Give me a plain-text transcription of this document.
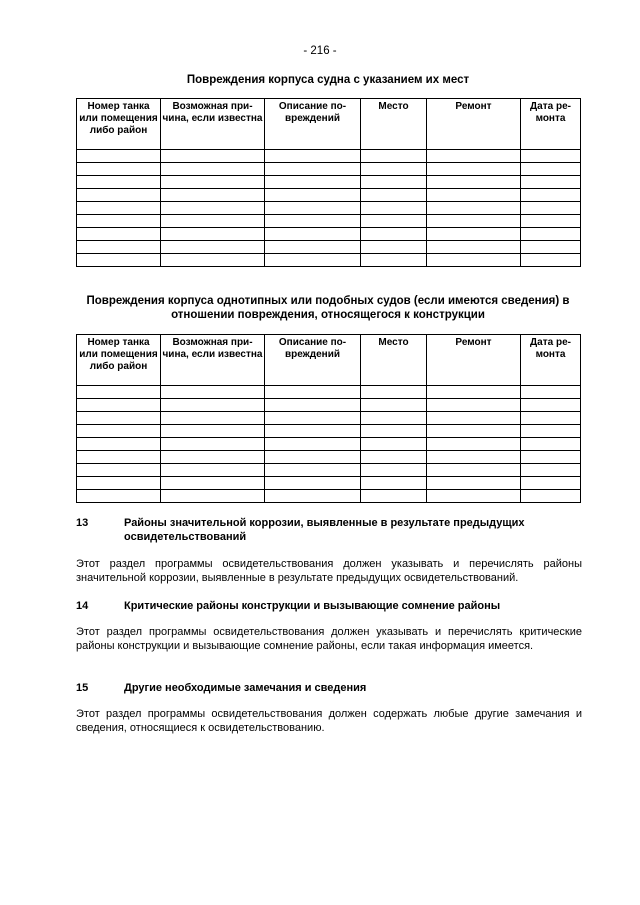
- 216 -
Повреждения корпуса судна с указанием их мест
Номер танка или помещения либо район	Возможная причина, если известна	Описание повреждений	Место	Ремонт	Дата ремонта

Повреждения корпуса однотипных или подобных судов (если имеются сведения) в отношении повреждения, относящегося к конструкции
Номер танка или помещения либо район	Возможная причина, если известна	Описание повреждений	Место	Ремонт	Дата ремонта

13	Районы значительной коррозии, выявленные в результате предыдущих освидетельствований
Этот раздел программы освидетельствования должен указывать и перечислять районы значительной коррозии, выявленные в результате предыдущих освидетельствований.
14	Критические районы конструкции и вызывающие сомнение районы
Этот раздел программы освидетельствования должен указывать и перечислять критические районы конструкции и вызывающие сомнение районы, если такая информация имеется.
15	Другие необходимые замечания и сведения
Этот раздел программы освидетельствования должен содержать любые другие замечания и сведения, относящиеся к освидетельствованию.
